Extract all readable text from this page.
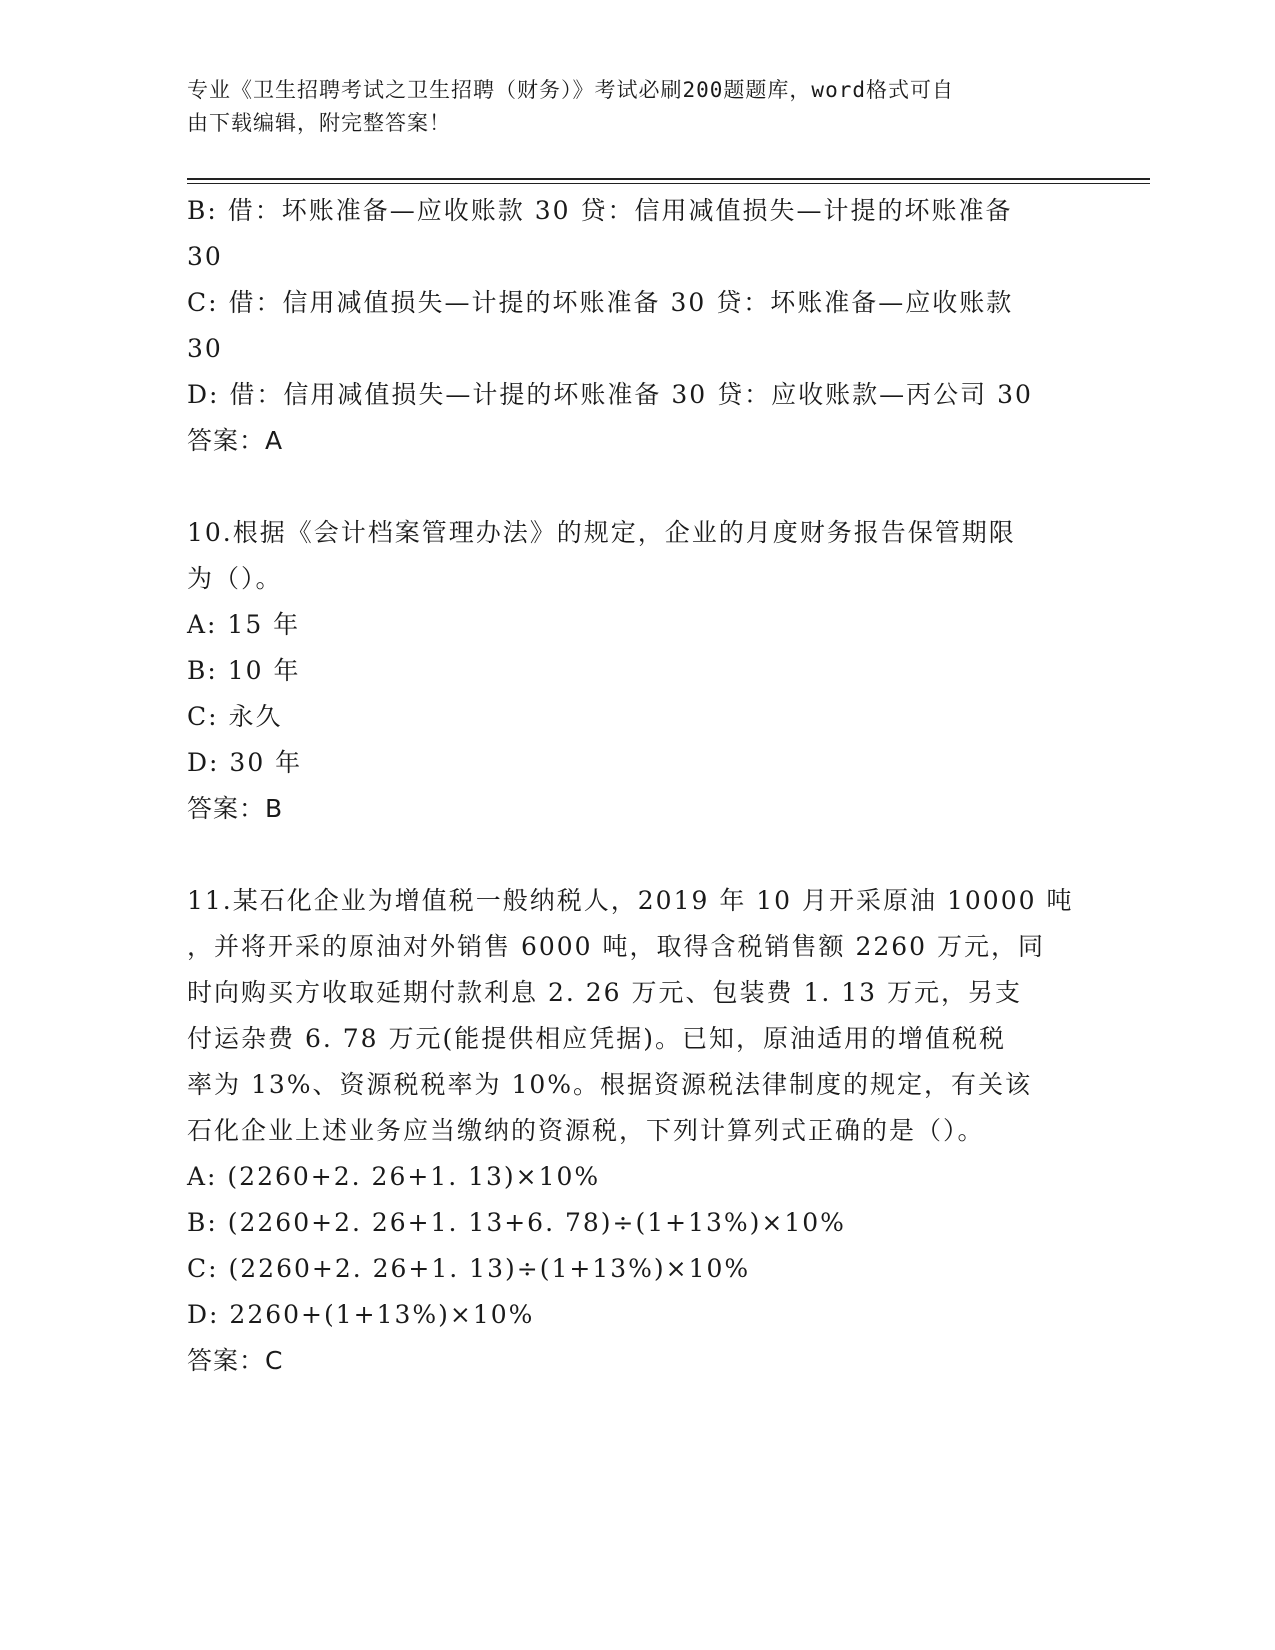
专业《卫生招聘考试之卫生招聘（财务）》考试必刷200题题库，word格式可自
由下载编辑，附完整答案！

B: 借：坏账准备—应收账款 30 贷：信用减值损失—计提的坏账准备

30

C: 借：信用减值损失—计提的坏账准备 30 贷：坏账准备—应收账款

30

D: 借：信用减值损失—计提的坏账准备 30 贷：应收账款—丙公司 30

答案：A

10.根据《会计档案管理办法》的规定，企业的月度财务报告保管期限

为（）。

A: 15 年

B: 10 年

C: 永久

D: 30 年

答案：B

11.某石化企业为增值税一般纳税人，2019 年 10 月开采原油 10000 吨

，并将开采的原油对外销售 6000 吨，取得含税销售额 2260 万元，同

时向购买方收取延期付款利息 2. 26 万元、包装费 1. 13 万元，另支

付运杂费 6. 78 万元(能提供相应凭据)。已知，原油适用的增值税税

率为 13%、资源税税率为 10%。根据资源税法律制度的规定，有关该

石化企业上述业务应当缴纳的资源税，下列计算列式正确的是（）。

A: (2260+2. 26+1. 13)×10%

B: (2260+2. 26+1. 13+6. 78)÷(1+13%)×10%

C: (2260+2. 26+1. 13)÷(1+13%)×10%

D: 2260+(1+13%)×10%

答案：C
